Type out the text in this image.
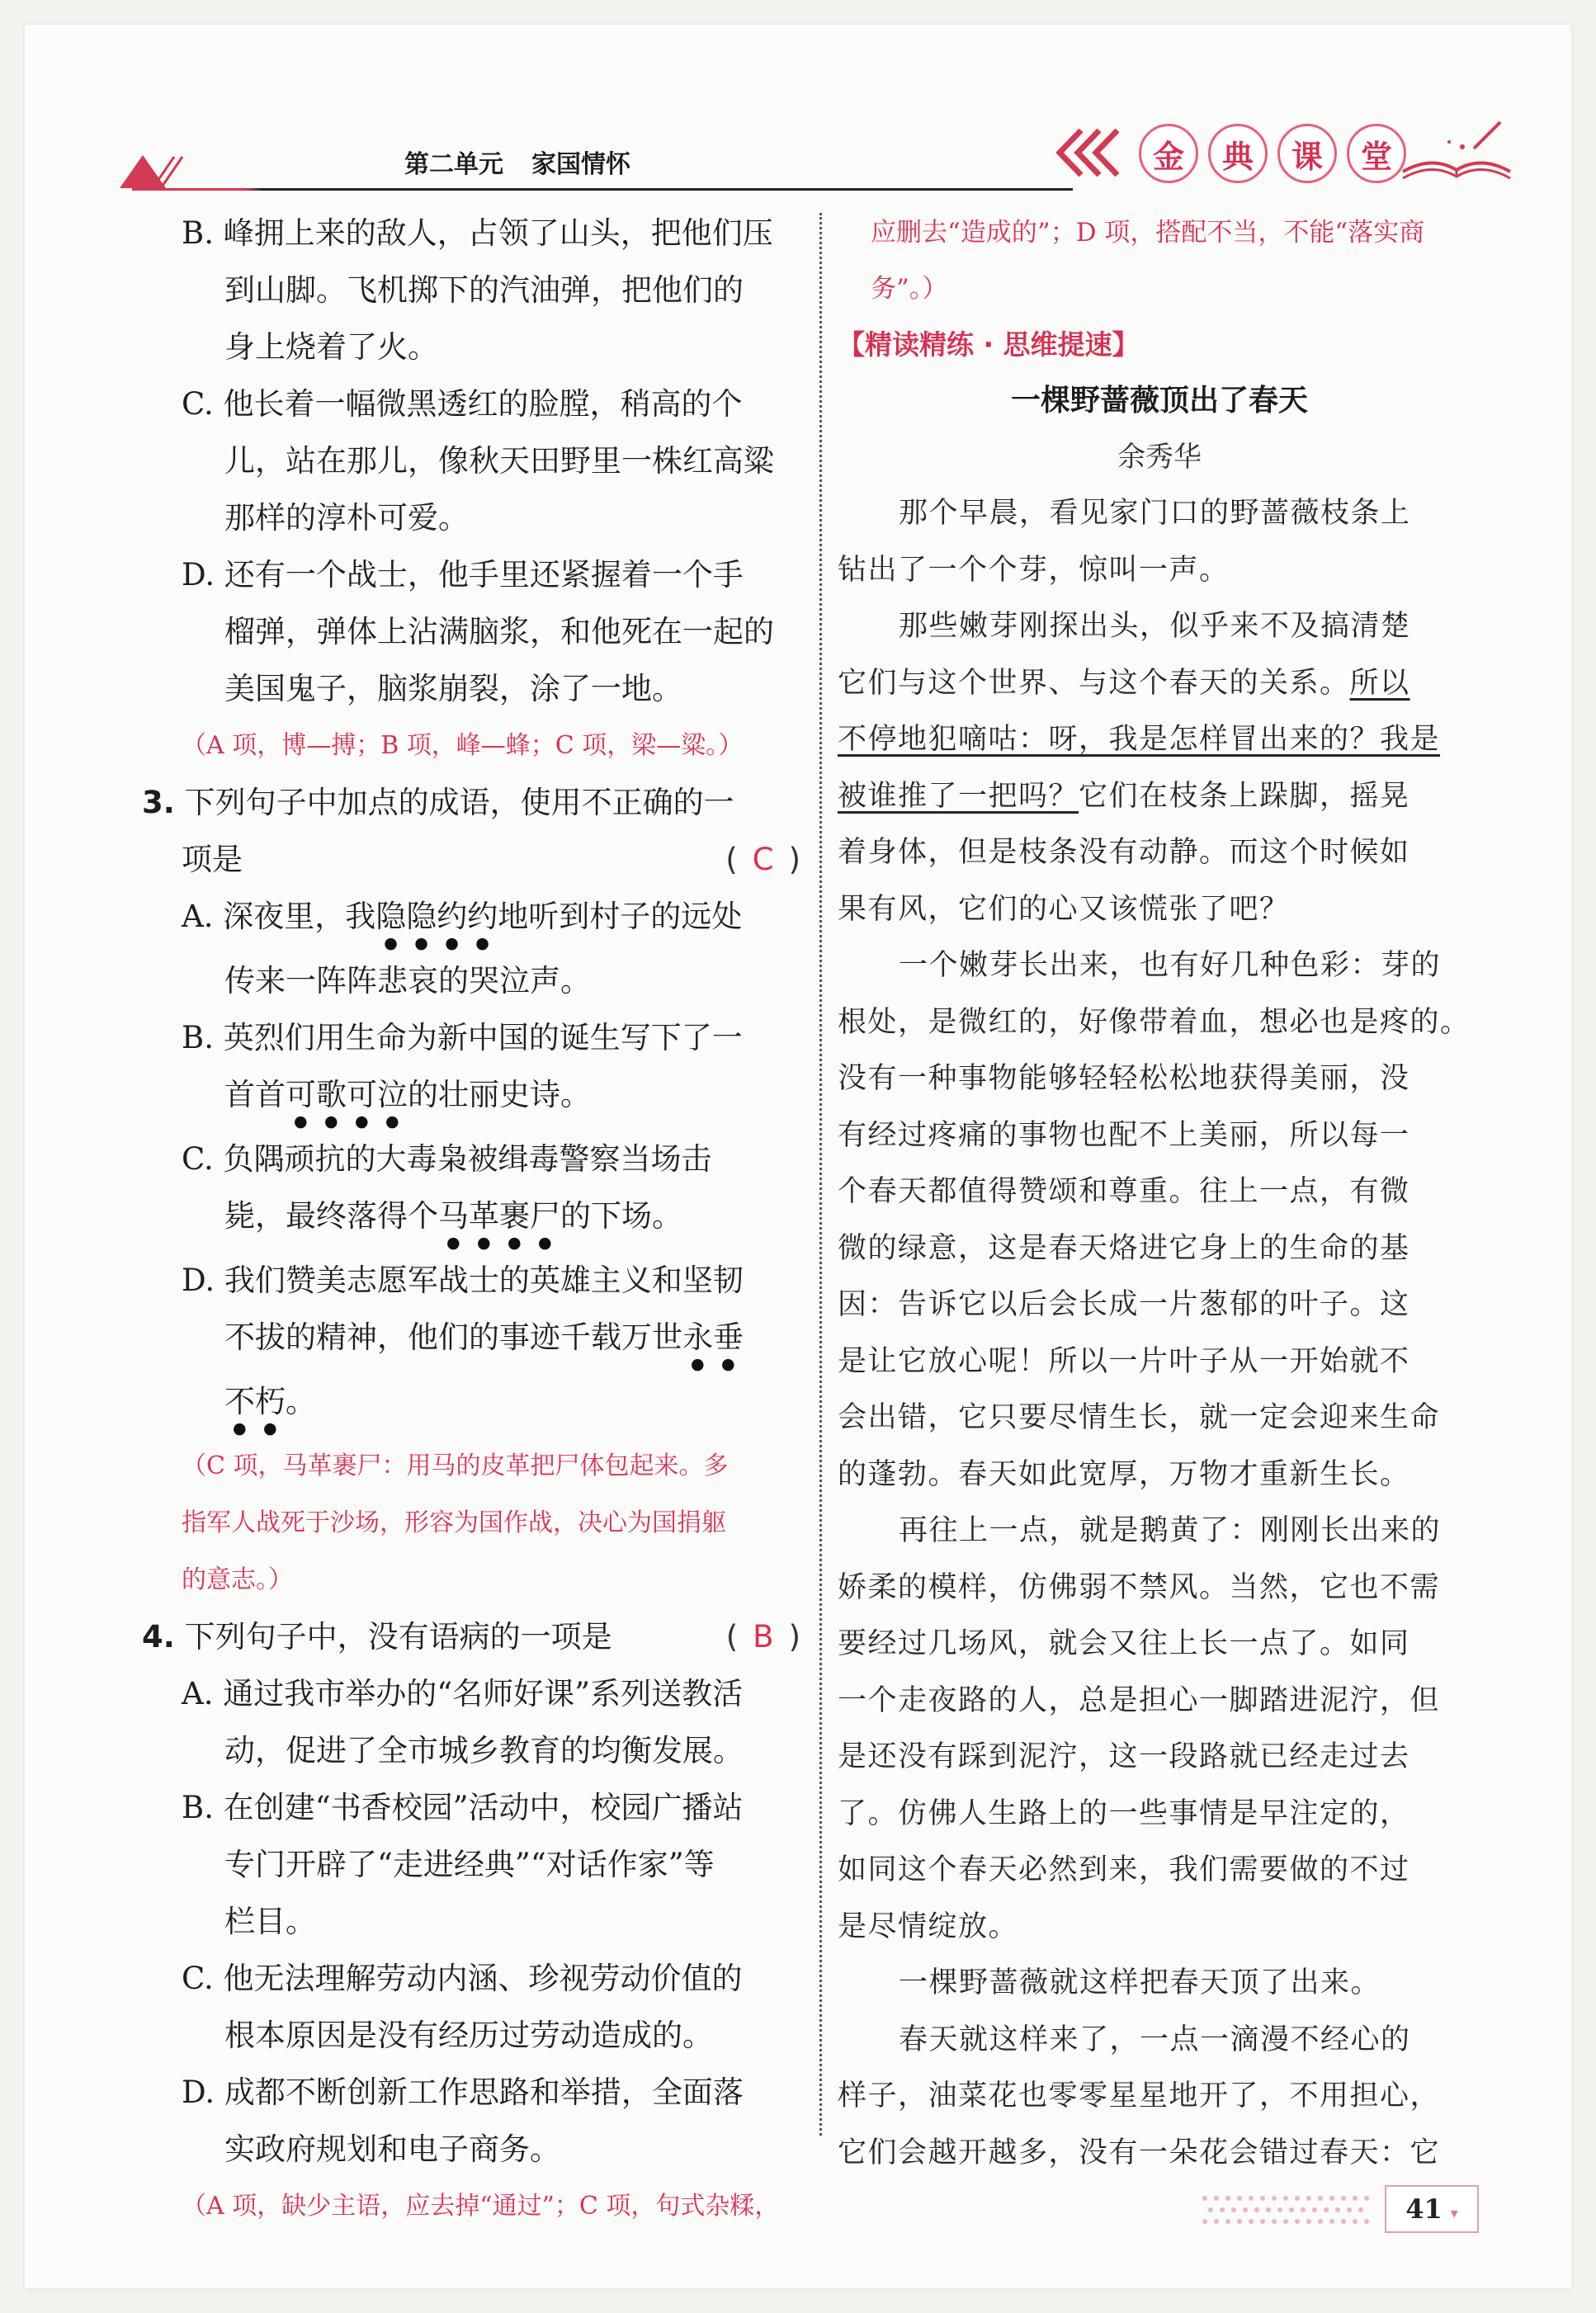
第二单元 家国情怀	金	典	课	堂
B. 峰拥上来的敌人，占领了山头，把他们压
到山脚。飞机掷下的汽油弹，把他们的
身上烧着了火。
C. 他长着一幅微黑透红的脸膛，稍高的个
儿，站在那儿，像秋天田野里一株红高粱
那样的淳朴可爱。
D. 还有一个战士，他手里还紧握着一个手
榴弹，弹体上沾满脑浆，和他死在一起的
美国鬼子，脑浆崩裂，涂了一地。
（A 项，博—搏；B 项，峰—蜂；C 项，梁—粱。）
3. 下列句子中加点的成语，使用不正确的一
项是	( C )
A. 深夜里，我隐隐约约地听到村子的远处
传来一阵阵悲哀的哭泣声。
B. 英烈们用生命为新中国的诞生写下了一
首首可歌可泣的壮丽史诗。
C. 负隅顽抗的大毒枭被缉毒警察当场击
毙，最终落得个马革裹尸的下场。
D. 我们赞美志愿军战士的英雄主义和坚韧
不拔的精神，他们的事迹千载万世永垂
不朽。
（C 项，马革裹尸：用马的皮革把尸体包起来。多
指军人战死于沙场，形容为国作战，决心为国捐躯
的意志。）
4. 下列句子中，没有语病的一项是	( B )
A. 通过我市举办的“名师好课”系列送教活
动，促进了全市城乡教育的均衡发展。
B. 在创建“书香校园”活动中，校园广播站
专门开辟了“走进经典”“对话作家”等
栏目。
C. 他无法理解劳动内涵、珍视劳动价值的
根本原因是没有经历过劳动造成的。
D. 成都不断创新工作思路和举措，全面落
实政府规划和电子商务。
（A 项，缺少主语，应去掉“通过”；C 项，句式杂糅，
应删去“造成的”；D 项，搭配不当，不能“落实商
务”。）
【精读精练 · 思维提速】
一棵野蔷薇顶出了春天
余秀华
那个早晨，看见家门口的野蔷薇枝条上
钻出了一个个芽，惊叫一声。
那些嫩芽刚探出头，似乎来不及搞清楚
它们与这个世界、与这个春天的关系。所以
不停地犯嘀咕：呀，我是怎样冒出来的？我是
被谁推了一把吗？它们在枝条上跺脚，摇晃
着身体，但是枝条没有动静。而这个时候如
果有风，它们的心又该慌张了吧？
一个嫩芽长出来，也有好几种色彩：芽的
根处，是微红的，好像带着血，想必也是疼的。
没有一种事物能够轻轻松松地获得美丽，没
有经过疼痛的事物也配不上美丽，所以每一
个春天都值得赞颂和尊重。往上一点，有微
微的绿意，这是春天烙进它身上的生命的基
因：告诉它以后会长成一片葱郁的叶子。这
是让它放心呢！所以一片叶子从一开始就不
会出错，它只要尽情生长，就一定会迎来生命
的蓬勃。春天如此宽厚，万物才重新生长。
再往上一点，就是鹅黄了：刚刚长出来的
娇柔的模样，仿佛弱不禁风。当然，它也不需
要经过几场风，就会又往上长一点了。如同
一个走夜路的人，总是担心一脚踏进泥泞，但
是还没有踩到泥泞，这一段路就已经走过去
了。仿佛人生路上的一些事情是早注定的，
如同这个春天必然到来，我们需要做的不过
是尽情绽放。
一棵野蔷薇就这样把春天顶了出来。
春天就这样来了，一点一滴漫不经心的
样子，油菜花也零零星星地开了，不用担心，
它们会越开越多，没有一朵花会错过春天：它
41 ▾
